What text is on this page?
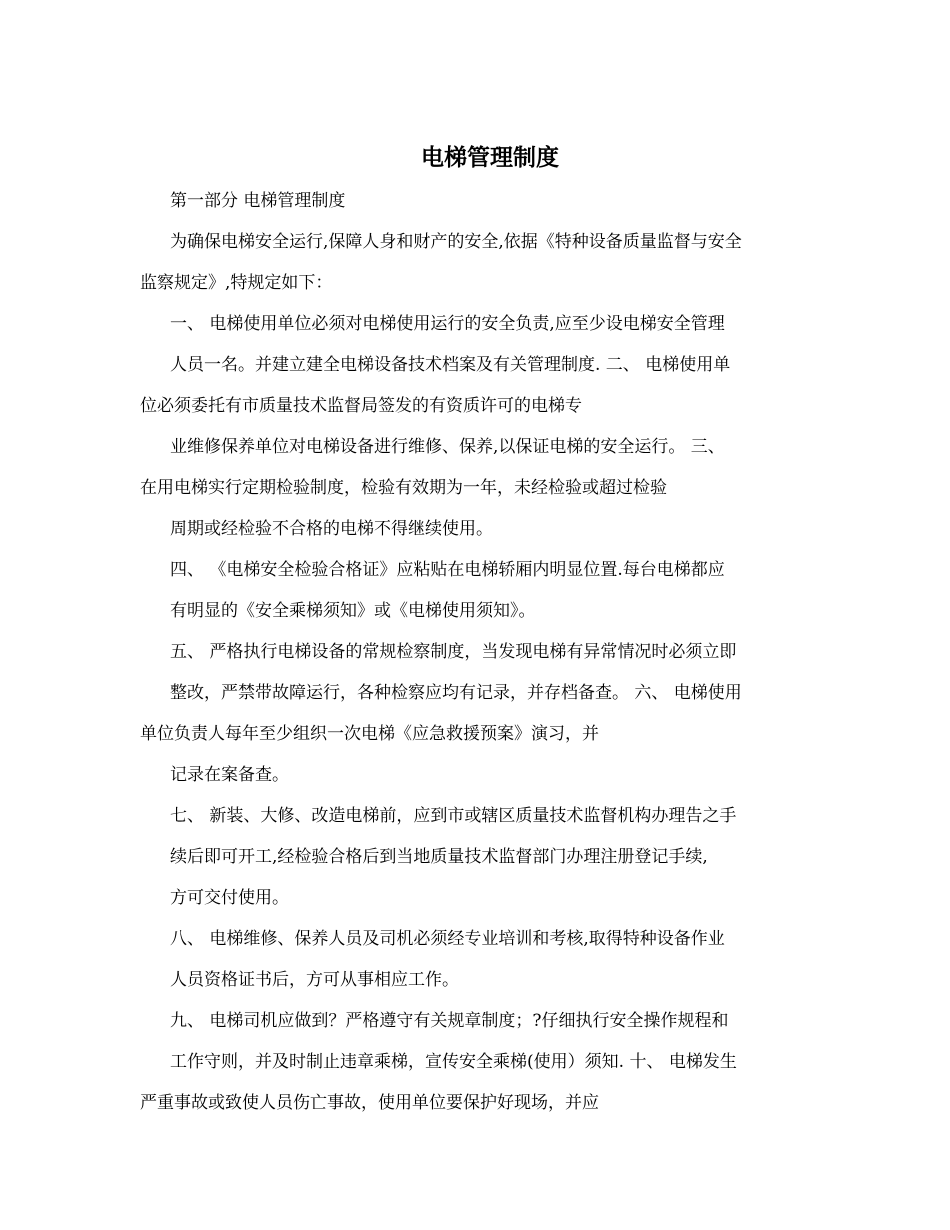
电梯管理制度

第一部分 电梯管理制度

为确保电梯安全运行,保障人身和财产的安全,依据《特种设备质量监督与安全

监察规定》,特规定如下：

一、 电梯使用单位必须对电梯使用运行的安全负责,应至少设电梯安全管理

人员一名。并建立建全电梯设备技术档案及有关管理制度. 二、 电梯使用单

位必须委托有市质量技术监督局签发的有资质许可的电梯专

业维修保养单位对电梯设备进行维修、保养,以保证电梯的安全运行。 三、

在用电梯实行定期检验制度，检验有效期为一年，未经检验或超过检验

周期或经检验不合格的电梯不得继续使用。

四、 《电梯安全检验合格证》应粘贴在电梯轿厢内明显位置.每台电梯都应

有明显的《安全乘梯须知》或《电梯使用须知》。

五、 严格执行电梯设备的常规检察制度，当发现电梯有异常情况时必须立即

整改，严禁带故障运行，各种检察应均有记录，并存档备查。 六、 电梯使用

单位负责人每年至少组织一次电梯《应急救援预案》演习，并

记录在案备查。

七、 新装、大修、改造电梯前，应到市或辖区质量技术监督机构办理告之手

续后即可开工,经检验合格后到当地质量技术监督部门办理注册登记手续,

方可交付使用。

八、 电梯维修、保养人员及司机必须经专业培训和考核,取得特种设备作业

人员资格证书后，方可从事相应工作。

九、 电梯司机应做到？严格遵守有关规章制度；?仔细执行安全操作规程和

工作守则，并及时制止违章乘梯，宣传安全乘梯(使用）须知. 十、 电梯发生

严重事故或致使人员伤亡事故，使用单位要保护好现场，并应
